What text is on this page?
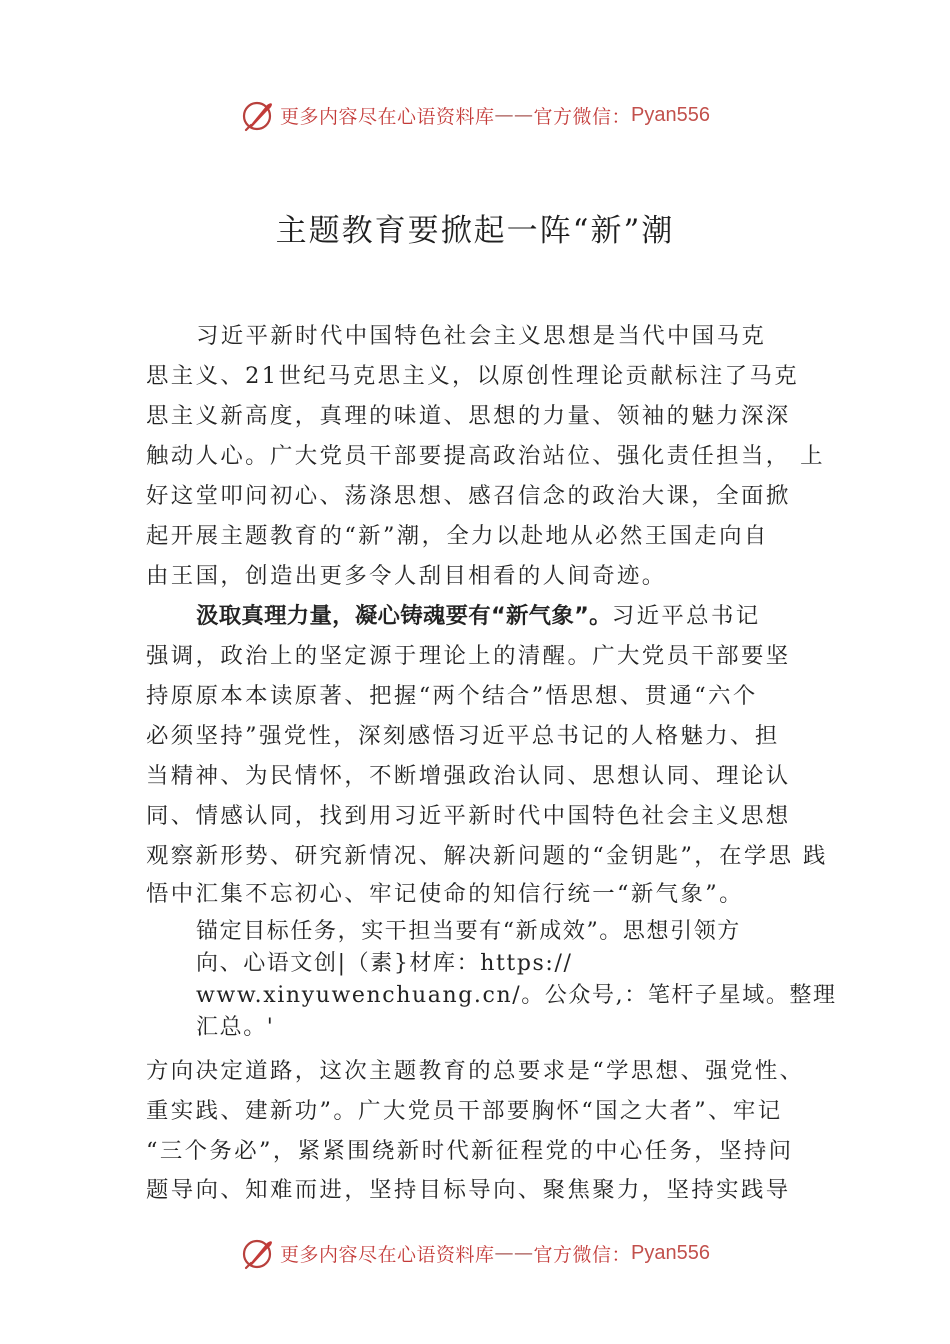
更多内容尽在心语资料库 —— 官方微信： Pyan556
主题教育要掀起一阵“新”潮
习近平新时代中国特色社会主义思想是当代中国马克
思主义、21世纪马克思主义，以原创性理论贡献标注了马克
思主义新高度，真理的味道、思想的力量、领袖的魅力深深
触动人心。广大党员干部要提高政治站位、强化责任担当， 上
好这堂叩问初心、荡涤思想、感召信念的政治大课，全面掀
起开展主题教育的“新”潮，全力以赴地从必然王国走向自
由王国，创造出更多令人刮目相看的人间奇迹。
汲取真理力量，凝心铸魂要有“新气象”。习近平总书记
强调，政治上的坚定源于理论上的清醒。广大党员干部要坚
持原原本本读原著、把握“两个结合”悟思想、贯通“六个
必须坚持”强党性，深刻感悟习近平总书记的人格魅力、担
当精神、为民情怀，不断增强政治认同、思想认同、理论认
同、情感认同，找到用习近平新时代中国特色社会主义思想
观察新形势、研究新情况、解决新问题的“金钥匙”，在学思 践
悟中汇集不忘初心、牢记使命的知信行统一“新气象”。
锚定目标任务，实干担当要有“新成效”。思想引领方
向、心语文创|（素}材库：https://
www.xinyuwenchuang.cn/。公众号,：笔杆子星域。整理
汇总。'
方向决定道路，这次主题教育的总要求是“学思想、强党性、
重实践、建新功”。广大党员干部要胸怀“国之大者”、牢记
“三个务必”，紧紧围绕新时代新征程党的中心任务，坚持问
题导向、知难而进，坚持目标导向、聚焦聚力，坚持实践导
更多内容尽在心语资料库 —— 官方微信： Pyan556
